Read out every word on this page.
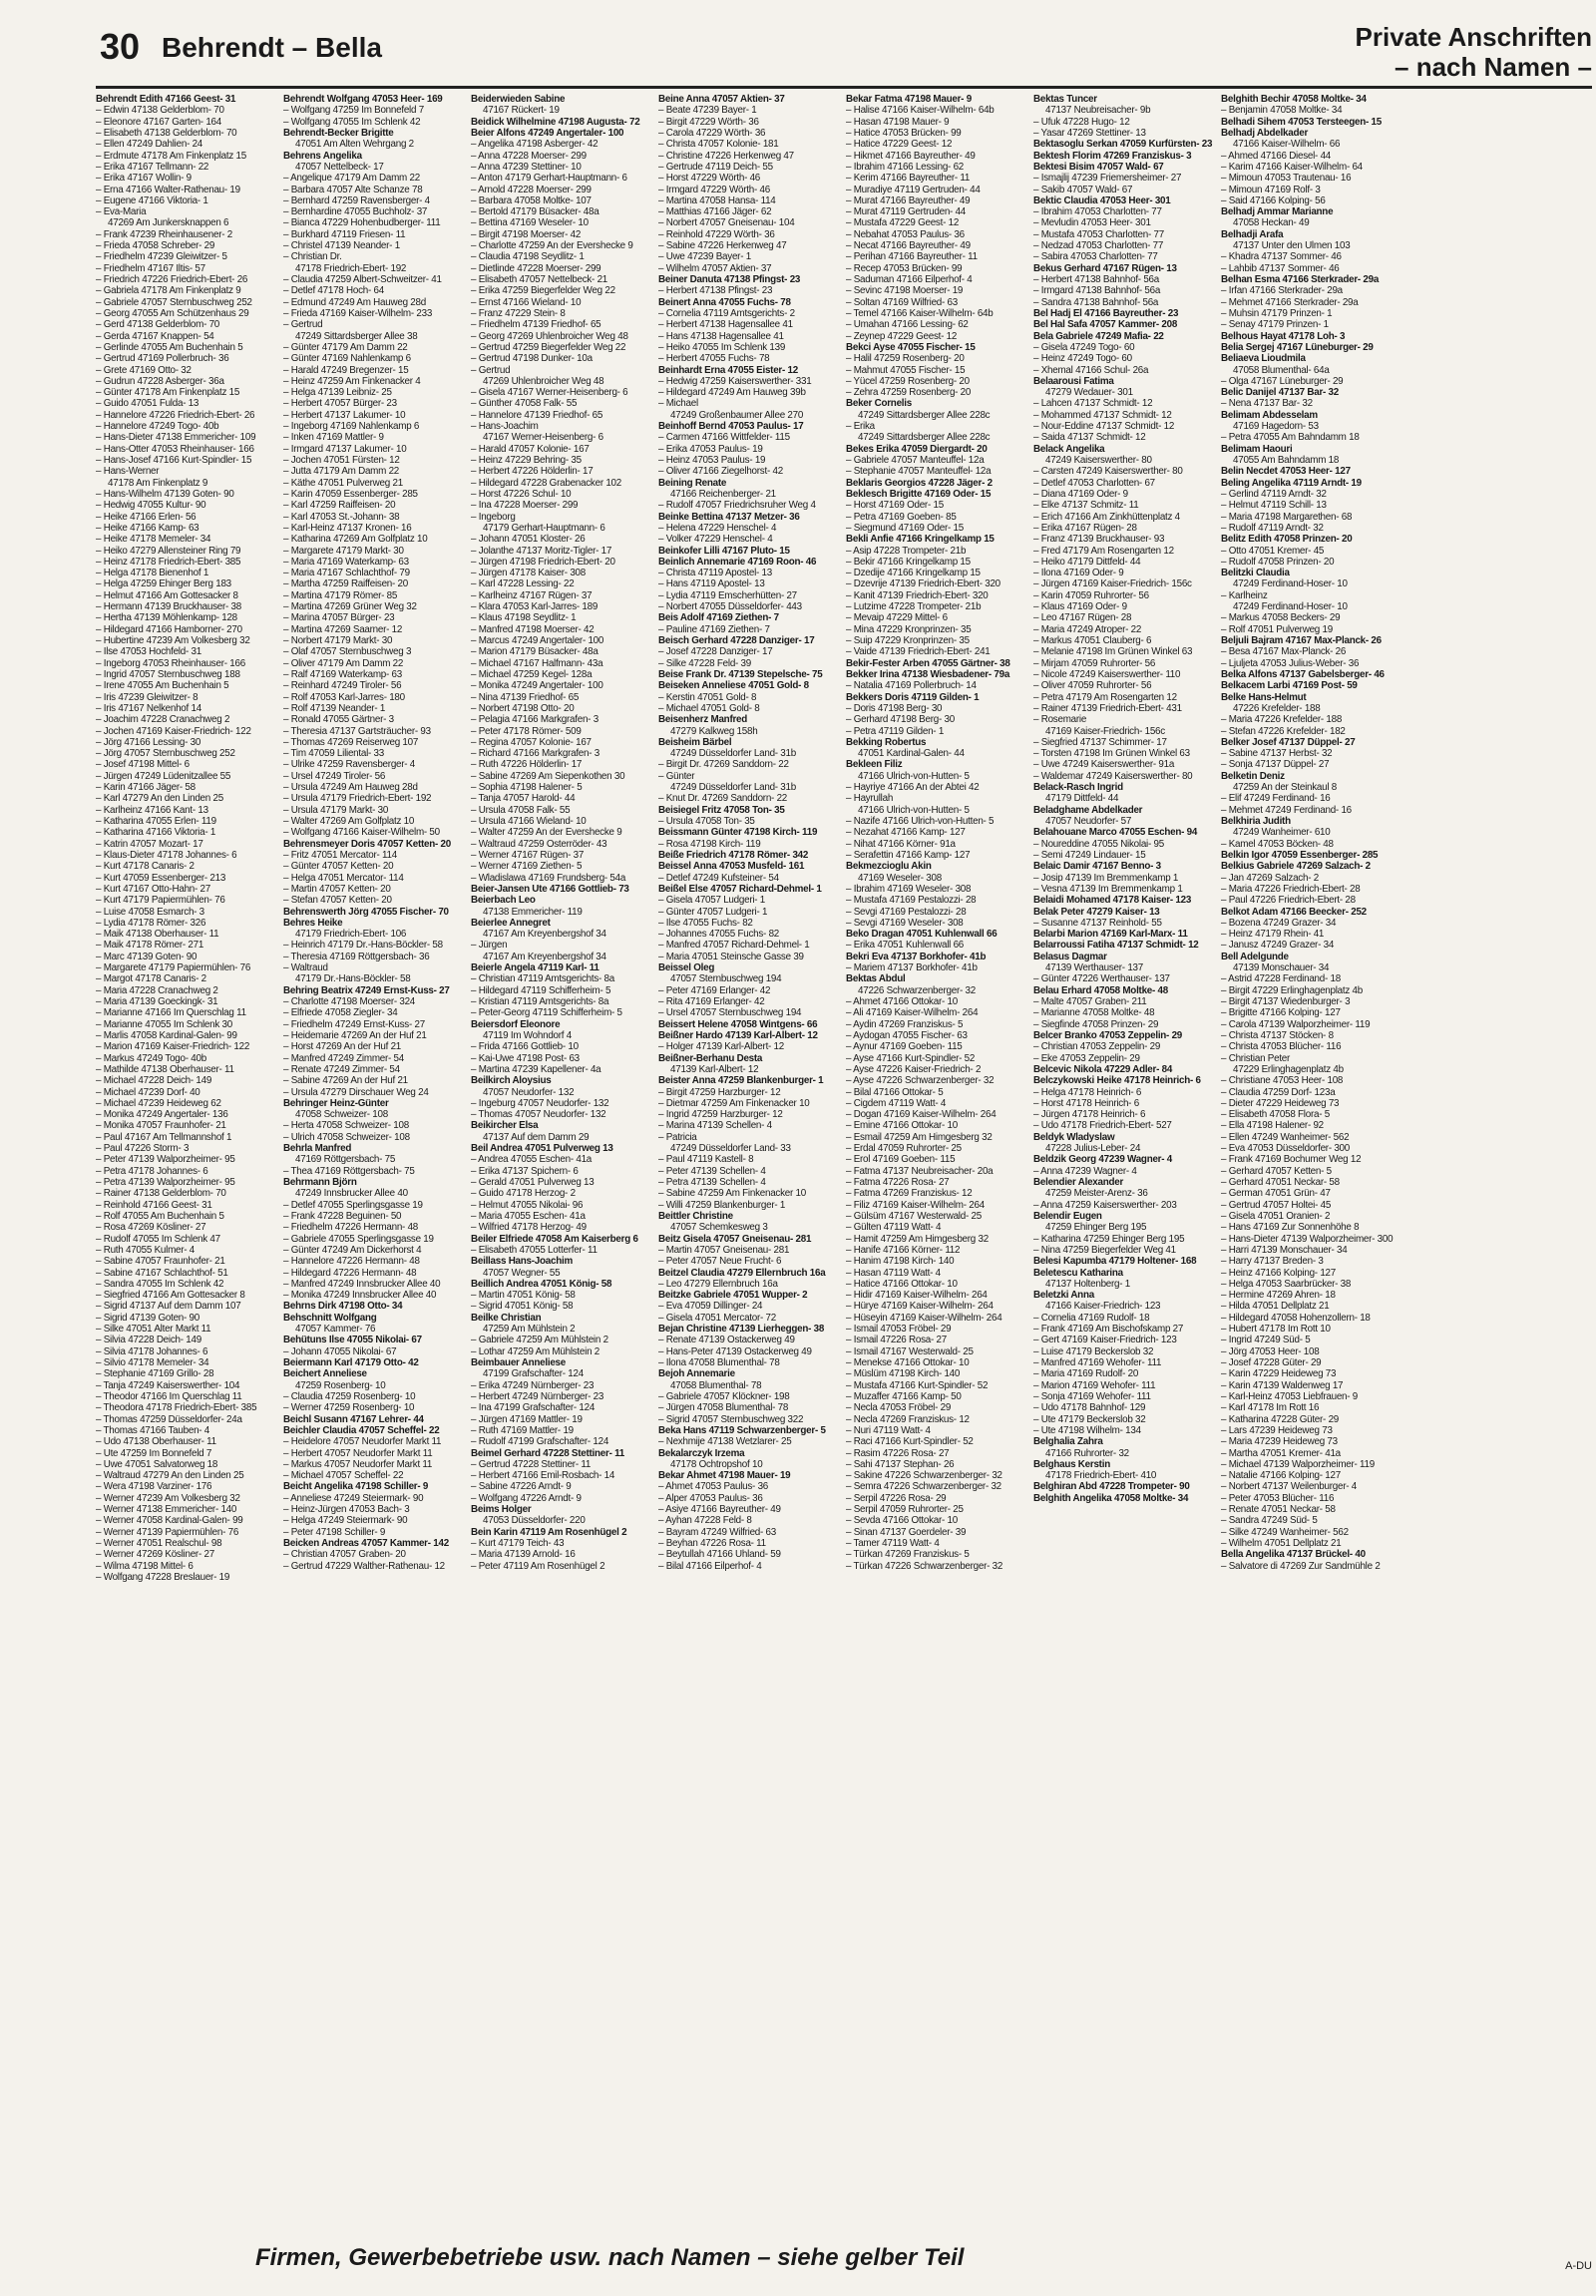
30 Behrendt – Bella	Private Anschriften
– nach Namen –
Behrendt Edith 47166 Geest- 31
– Edwin 47138 Gelderblom- 70
– Eleonore 47167 Garten- 164
– Elisabeth 47138 Gelderblom- 70
– Ellen 47249 Dahlien- 24
– Erdmute 47178 Am Finkenplatz 15
– Erika 47167 Tellmann- 22
– Erika 47167 Wollin- 9
– Erna 47166 Walter-Rathenau- 19
– Eugene 47166 Viktoria- 1
– Eva-Maria
47269 Am Junkersknappen 6
– Frank 47239 Rheinhausener- 2
– Frieda 47058 Schreber- 29
– Friedhelm 47239 Gleiwitzer- 5
– Friedhelm 47167 Iltis- 57
– Friedrich 47226 Friedrich-Ebert- 26
– Gabriela 47178 Am Finkenplatz 9
– Gabriele 47057 Sternbuschweg 252
– Georg 47055 Am Schützenhaus 29
– Gerd 47138 Gelderblom- 70
– Gerda 47167 Knappen- 54
– Gerlinde 47055 Am Buchenhain 5
– Gertrud 47169 Pollerbruch- 36
– Grete 47169 Otto- 32
– Gudrun 47228 Asberger- 36a
– Günter 47178 Am Finkenplatz 15
– Guido 47051 Fulda- 13
– Hannelore 47226 Friedrich-Ebert- 26
– Hannelore 47249 Togo- 40b
– Hans-Dieter 47138 Emmericher- 109
– Hans-Otter 47053 Rheinhauser- 166
– Hans-Josef 47166 Kurt-Spindler- 15
– Hans-Werner
47178 Am Finkenplatz 9
– Hans-Wilhelm 47139 Goten- 90
– Hedwig 47055 Kultur- 90
– Heike 47166 Erlen- 56
– Heike 47166 Kamp- 63
– Heike 47178 Memeler- 34
– Heiko 47279 Allensteiner Ring 79
– Heinz 47178 Friedrich-Ebert- 385
– Helga 47178 Bienenhof 1
– Helga 47259 Ehinger Berg 183
– Helmut 47166 Am Gottesacker 8
– Hermann 47139 Bruckhauser- 38
– Hertha 47139 Möhlenkamp- 128
– Hildegard 47166 Hamborner- 270
– Hubertine 47239 Am Volkesberg 32
– Ilse 47053 Hochfeld- 31
– Ingeborg 47053 Rheinhauser- 166
– Ingrid 47057 Sternbuschweg 188
– Irene 47055 Am Buchenhain 5
– Iris 47239 Gleiwitzer- 8
– Iris 47167 Nelkenhof 14
– Joachim 47228 Cranachweg 2
– Jochen 47169 Kaiser-Friedrich- 122
– Jörg 47166 Lessing- 30
– Jörg 47057 Sternbuschweg 252
– Josef 47198 Mittel- 6
– Jürgen 47249 Lüdenitzallee 55
– Karin 47166 Jäger- 58
– Karl 47279 An den Linden 25
– Karlheinz 47166 Kant- 13
– Katharina 47055 Erlen- 119
– Katharina 47166 Viktoria- 1
– Katrin 47057 Mozart- 17
– Klaus-Dieter 47178 Johannes- 6
– Kurt 47178 Canaris- 2
– Kurt 47059 Essenberger- 213
– Kurt 47167 Otto-Hahn- 27
– Kurt 47179 Papiermühlen- 76
– Luise 47058 Esmarch- 3
– Lydia 47178 Römer- 326
– Maik 47138 Oberhauser- 11
– Maik 47178 Römer- 271
– Marc 47139 Goten- 90
– Margarete 47179 Papiermühlen- 76
– Margot 47178 Canaris- 2
– Maria 47228 Cranachweg 2
– Maria 47139 Goeckingk- 31
– Marianne 47166 Im Querschlag 11
– Marianne 47055 Im Schlenk 30
– Marlis 47058 Kardinal-Galen- 99
– Marion 47169 Kaiser-Friedrich- 122
– Markus 47249 Togo- 40b
– Mathilde 47138 Oberhauser- 11
– Michael 47228 Deich- 149
– Michael 47239 Dorf- 40
– Michael 47239 Heideweg 62
– Monika 47249 Angertaler- 136
– Monika 47057 Fraunhofer- 21
– Paul 47167 Am Tellmannshof 1
– Paul 47226 Storm- 3
– Peter 47139 Walporzheimer- 95
– Petra 47178 Johannes- 6
– Petra 47139 Walporzheimer- 95
– Rainer 47138 Gelderblom- 70
– Reinhold 47166 Geest- 31
– Rolf 47055 Am Buchenhain 5
– Rosa 47269 Kösliner- 27
– Rudolf 47055 Im Schlenk 47
– Ruth 47055 Kulmer- 4
– Sabine 47057 Fraunhofer- 21
– Sabine 47167 Schlachthof- 51
– Sandra 47055 Im Schlenk 42
– Siegfried 47166 Am Gottesacker 8
– Sigrid 47137 Auf dem Damm 107
– Sigrid 47139 Goten- 90
– Silke 47051 Alter Markt 11
– Silvia 47228 Deich- 149
– Silvia 47178 Johannes- 6
– Silvio 47178 Memeler- 34
– Stephanie 47169 Grillo- 28
– Tanja 47249 Kaiserswerther- 104
– Theodor 47166 Im Querschlag 11
– Theodora 47178 Friedrich-Ebert- 385
– Thomas 47259 Düsseldorfer- 24a
– Thomas 47166 Tauben- 4
– Udo 47138 Oberhauser- 11
– Ute 47259 Im Bonnefeld 7
– Uwe 47051 Salvatorweg 18
– Waltraud 47279 An den Linden 25
– Wera 47198 Varziner- 176
– Werner 47239 Am Volkesberg 32
– Werner 47138 Emmericher- 140
– Werner 47058 Kardinal-Galen- 99
– Werner 47139 Papiermühlen- 76
– Werner 47051 Realschul- 98
– Werner 47269 Kösliner- 27
– Wilma 47198 Mittel- 6
– Wolfgang 47228 Breslauer- 19
Behrendt Wolfgang 47053 Heer- 169
– Wolfgang 47259 Im Bonnefeld 7
– Wolfgang 47055 Im Schlenk 42
Behrendt-Becker Brigitte
47051 Am Alten Wehrgang 2
Behrens Angelika
47057 Nettelbeck- 17
– Angelique 47179 Am Damm 22
– Barbara 47057 Alte Schanze 78
– Bernhard 47259 Ravensberger- 4
– Bernhardine 47055 Buchholz- 37
– Bianca 47229 Hohenbudberger- 111
– Burkhard 47119 Friesen- 11
– Christel 47139 Neander- 1
– Christian Dr.
47178 Friedrich-Ebert- 192
– Claudia 47259 Albert-Schweitzer- 41
– Detlef 47178 Hoch- 64
– Edmund 47249 Am Hauweg 28d
– Frieda 47169 Kaiser-Wilhelm- 233
– Gertrud
47249 Sittardsberger Allee 38
– Günter 47179 Am Damm 22
– Günter 47169 Nahlenkamp 6
– Harald 47249 Bregenzer- 15
– Heinz 47259 Am Finkenacker 4
– Helga 47139 Leibniz- 25
– Herbert 47057 Bürger- 23
– Herbert 47137 Lakumer- 10
– Ingeborg 47169 Nahlenkamp 6
– Inken 47169 Mattler- 9
– Irmgard 47137 Lakumer- 10
– Jochen 47051 Fürsten- 12
– Jutta 47179 Am Damm 22
– Käthe 47051 Pulverweg 21
– Karin 47059 Essenberger- 285
– Karl 47259 Raiffeisen- 20
– Karl 47053 St.-Johann- 38
– Karl-Heinz 47137 Kronen- 16
– Katharina 47269 Am Golfplatz 10
– Margarete 47179 Markt- 30
– Maria 47169 Waterkamp- 63
– Maria 47167 Schlachthof- 79
– Martha 47259 Raiffeisen- 20
– Martina 47179 Römer- 85
– Martina 47269 Grüner Weg 32
– Marina 47057 Bürger- 23
– Martina 47269 Saarner- 12
– Norbert 47179 Markt- 30
– Olaf 47057 Sternbuschweg 3
– Oliver 47179 Am Damm 22
– Ralf 47169 Waterkamp- 63
– Reinhard 47249 Tiroler- 56
– Rolf 47053 Karl-Jarres- 180
– Rolf 47139 Neander- 1
– Ronald 47055 Gärtner- 3
– Theresia 47137 Gartsträucher- 93
– Thomas 47269 Reiserweg 107
– Tim 47059 Liliental- 33
– Ulrike 47259 Ravensberger- 4
– Ursel 47249 Tiroler- 56
– Ursula 47249 Am Hauweg 28d
– Ursula 47179 Friedrich-Ebert- 192
– Ursula 47179 Markt- 30
– Walter 47269 Am Golfplatz 10
– Wolfgang 47166 Kaiser-Wilhelm- 50
Behrensmeyer Doris 47057 Ketten- 20
– Fritz 47051 Mercator- 114
– Günter 47057 Ketten- 20
– Helga 47051 Mercator- 114
– Martin 47057 Ketten- 20
– Stefan 47057 Ketten- 20
Behrenswerth Jörg 47055 Fischer- 70
Behres Heike
47179 Friedrich-Ebert- 106
– Heinrich 47179 Dr.-Hans-Böckler- 58
– Theresia 47169 Röttgersbach- 36
– Waltraud
47179 Dr.-Hans-Böckler- 58
Behring Beatrix 47249 Ernst-Kuss- 27
– Charlotte 47198 Moerser- 324
– Elfriede 47058 Ziegler- 34
– Friedhelm 47249 Ernst-Kuss- 27
– Heidemarie 47269 An der Huf 21
– Horst 47269 An der Huf 21
– Manfred 47249 Zimmer- 54
– Renate 47249 Zimmer- 54
– Sabine 47269 An der Huf 21
– Ursula 47279 Dirschauer Weg 24
Behringer Heinz-Günter
47058 Schweizer- 108
– Herta 47058 Schweizer- 108
– Ulrich 47058 Schweizer- 108
Behrla Manfred
47169 Röttgersbach- 75
– Thea 47169 Röttgersbach- 75
Behrmann Björn
47249 Innsbrucker Allee 40
– Detlef 47055 Sperlingsgasse 19
– Frank 47228 Beguinen- 50
– Friedhelm 47226 Hermann- 48
– Gabriele 47055 Sperlingsgasse 19
– Günter 47249 Am Dickerhorst 4
– Hannelore 47226 Hermann- 48
– Hildegard 47226 Hermann- 48
– Manfred 47249 Innsbrucker Allee 40
– Monika 47249 Innsbrucker Allee 40
Behrns Dirk 47198 Otto- 34
Behschnitt Wolfgang
47057 Kammer- 76
Behütuns Ilse 47055 Nikolai- 67
– Johann 47055 Nikolai- 67
Beiermann Karl 47179 Otto- 42
Beichert Anneliese
47259 Rosenberg- 10
– Claudia 47259 Rosenberg- 10
– Werner 47259 Rosenberg- 10
Beichl Susann 47167 Lehrer- 44
Beichler Claudia 47057 Scheffel- 22
– Heidelore 47057 Neudorfer Markt 11
– Herbert 47057 Neudorfer Markt 11
– Markus 47057 Neudorfer Markt 11
– Michael 47057 Scheffel- 22
Beicht Angelika 47198 Schiller- 9
– Anneliese 47249 Steiermark- 90
– Heinz-Jürgen 47053 Bach- 3
– Helga 47249 Steiermark- 90
– Peter 47198 Schiller- 9
Beicken Andreas 47057 Kammer- 142
– Christian 47057 Graben- 20
– Gertrud 47229 Walther-Rathenau- 12
Beiderwieden Sabine
47167 Rückert- 19
Beidick Wilhelmine 47198 Augusta- 72
Beier Alfons 47249 Angertaler- 100
– Angelika 47198 Asberger- 42
– Anna 47228 Moerser- 299
– Anna 47239 Stettiner- 10
– Anton 47179 Gerhart-Hauptmann- 6
– Arnold 47228 Moerser- 299
– Barbara 47058 Moltke- 107
– Bertold 47179 Büsacker- 48a
– Bettina 47169 Weseler- 10
– Birgit 47198 Moerser- 42
– Charlotte 47259 An der Eversheckе 9
– Claudia 47198 Seydlitz- 1
– Dietlinde 47228 Moerser- 299
– Elisabeth 47057 Nettelbeck- 21
– Erika 47259 Biegerfelder Weg 22
– Ernst 47166 Wieland- 10
– Franz 47229 Stein- 8
– Friedhelm 47139 Friedhof- 65
– Georg 47269 Uhlenbroicher Weg 48
– Gertrud 47259 Biegerfelder Weg 22
– Gertrud 47198 Dunker- 10a
– Gertrud
47269 Uhlenbroicher Weg 48
– Gisela 47167 Werner-Heisenberg- 6
– Günther 47058 Falk- 55
– Hannelore 47139 Friedhof- 65
– Hans-Joachim
47167 Werner-Heisenberg- 6
– Harald 47057 Kolonie- 167
– Heinz 47229 Behring- 35
– Herbert 47226 Hölderlin- 17
– Hildegard 47228 Grabenacker 102
– Horst 47226 Schul- 10
– Ina 47228 Moerser- 299
– Ingeborg
47179 Gerhart-Hauptmann- 6
– Johann 47051 Kloster- 26
– Jolanthe 47137 Moritz-Tigler- 17
– Jürgen 47198 Friedrich-Ebert- 20
– Jürgen 47178 Kaiser- 308
– Karl 47228 Lessing- 22
– Karlheinz 47167 Rügen- 37
– Klara 47053 Karl-Jarres- 189
– Klaus 47198 Seydlitz- 1
– Manfred 47198 Moerser- 42
– Marcus 47249 Angertaler- 100
– Marion 47179 Büsacker- 48a
– Michael 47167 Halfmann- 43a
– Michael 47259 Kegel- 128a
– Monika 47249 Angertaler- 100
– Nina 47139 Friedhof- 65
– Norbert 47198 Otto- 20
– Pelagia 47166 Markgrafen- 3
– Peter 47178 Römer- 509
– Regina 47057 Kolonie- 167
– Richard 47166 Markgrafen- 3
– Ruth 47226 Hölderlin- 17
– Sabine 47269 Am Siepenkothen 30
– Sophia 47198 Halener- 5
– Tanja 47057 Harold- 44
– Ursula 47058 Falk- 55
– Ursula 47166 Wieland- 10
– Walter 47259 An der Evershecke 9
– Waltraud 47259 Osterröder- 43
– Werner 47167 Rügen- 37
– Werner 47169 Ziethen- 5
– Wladislawa 47169 Frundsberg- 54a
Beier-Jansen Ute 47166 Gottlieb- 73
Beierbach Leo
47138 Emmericher- 119
Beierlee Annegret
47167 Am Kreyenbergshof 34
– Jürgen
47167 Am Kreyenbergshof 34
Beierle Angela 47119 Karl- 11
– Christian 47119 Amtsgerichts- 8a
– Hildegard 47119 Schifferheim- 5
– Kristian 47119 Amtsgerichts- 8a
– Peter-Georg 47119 Schifferheim- 5
Beiersdorf Eleonore
47119 Im Wohndorf 4
– Frida 47166 Gottlieb- 10
– Kai-Uwe 47198 Post- 63
– Martina 47239 Kapellener- 4a
Beilkirch Aloysius
47057 Neudorfer- 132
– Ingeburg 47057 Neudorfer- 132
– Thomas 47057 Neudorfer- 132
Beikircher Elsa
47137 Auf dem Damm 29
Beil Andrea 47051 Pulverweg 13
– Andrea 47055 Eschen- 41a
– Erika 47137 Spichern- 6
– Gerald 47051 Pulverweg 13
– Guido 47178 Herzog- 2
– Helmut 47055 Nikolai- 96
– Maria 47055 Eschen- 41a
– Wilfried 47178 Herzog- 49
Beiler Elfriede 47058 Am Kaiserberg 6
– Elisabeth 47055 Lotterfer- 11
Beillass Hans-Joachim
47057 Wegner- 55
Beillich Andrea 47051 König- 58
– Martin 47051 König- 58
– Sigrid 47051 König- 58
Beilke Christian
47259 Am Mühlstein 2
– Gabriele 47259 Am Mühlstein 2
– Lothar 47259 Am Mühlstein 2
Beimbauer Anneliese
47199 Grafschafter- 124
– Erika 47249 Nürnberger- 23
– Herbert 47249 Nürnberger- 23
– Ina 47199 Grafschafter- 124
– Jürgen 47169 Mattler- 19
– Ruth 47169 Mattler- 19
– Rudolf 47199 Grafschafter- 124
Beimel Gerhard 47228 Stettiner- 11
– Gertrud 47228 Stettiner- 11
– Herbert 47166 Emil-Rosbach- 14
– Sabine 47226 Arndt- 9
– Wolfgang 47226 Arndt- 9
Beims Holger
47053 Düsseldorfer- 220
Bein Karin 47119 Am Rosenhügel 2
– Kurt 47179 Teich- 43
– Maria 47139 Arnold- 16
– Peter 47119 Am Rosenhügel 2
Beine Anna 47057 Aktien- 37
– Beate 47239 Bayer- 1
– Birgit 47229 Wörth- 36
– Carola 47229 Wörth- 36
– Christa 47057 Kolonie- 181
– Christine 47226 Herkenweg 47
– Gertrude 47119 Deich- 55
– Horst 47229 Wörth- 46
– Irmgard 47229 Wörth- 46
– Martina 47058 Hansa- 114
– Matthias 47166 Jäger- 62
– Norbert 47057 Gneisenau- 104
– Reinhold 47229 Wörth- 36
– Sabine 47226 Herkenweg 47
– Uwe 47239 Bayer- 1
– Wilhelm 47057 Aktien- 37
Beiner Danuta 47138 Pfingst- 23
– Herbert 47138 Pfingst- 23
Beinert Anna 47055 Fuchs- 78
– Cornelia 47119 Amtsgerichts- 2
– Herbert 47138 Hagensallee 41
– Hans 47138 Hagensallee 41
– Heiko 47055 Im Schlenk 139
– Herbert 47055 Fuchs- 78
Beinhardt Erna 47055 Eister- 12
– Hedwig 47259 Kaiserswerther- 331
– Hildegard 47249 Am Hauweg 39b
– Michael
47249 Großenbaumer Allee 270
Beinhoff Bernd 47053 Paulus- 17
– Carmen 47166 Wittfelder- 115
– Erika 47053 Paulus- 19
– Heinz 47053 Paulus- 19
– Oliver 47166 Ziegelhorst- 42
Beining Renate
47166 Reichenberger- 21
– Rudolf 47057 Friedrichsruher Weg 4
Beinke Bettina 47137 Metzer- 36
– Helena 47229 Henschel- 4
– Volker 47229 Henschel- 4
Beinkofer Lilli 47167 Pluto- 15
Beinlich Annemarie 47169 Roon- 46
– Christa 47119 Apostel- 13
– Hans 47119 Apostel- 13
– Lydia 47119 Emscherhütten- 27
– Norbert 47055 Düsseldorfer- 443
Beis Adolf 47169 Ziethen- 7
– Pauline 47169 Ziethen- 7
Beisch Gerhard 47228 Danziger- 17
– Josef 47228 Danziger- 17
– Silke 47228 Feld- 39
Beise Frank Dr. 47139 Stepelsche- 75
Beiseken Anneliese 47051 Gold- 8
– Kerstin 47051 Gold- 8
– Michael 47051 Gold- 8
Beisenherz Manfred
47279 Kalkweg 158h
Beisheim Bärbel
47249 Düsseldorfer Land- 31b
– Birgit Dr. 47269 Sanddorn- 22
– Günter
47249 Düsseldorfer Land- 31b
– Knut Dr. 47269 Sanddorn- 22
Beisiegel Fritz 47058 Ton- 35
– Ursula 47058 Ton- 35
Beissmann Günter 47198 Kirch- 119
– Rosa 47198 Kirch- 119
Beiße Friedrich 47178 Römer- 342
Beissel Anna 47053 Musfeld- 161
– Detlef 47249 Kufsteiner- 54
Beißel Else 47057 Richard-Dehmel- 1
– Gisela 47057 Ludgeri- 1
– Günter 47057 Ludgeri- 1
– Ilse 47055 Fuchs- 82
– Johannes 47055 Fuchs- 82
– Manfred 47057 Richard-Dehmel- 1
– Maria 47051 Steinsche Gasse 39
Beissel Oleg
47057 Sternbuschweg 194
– Peter 47169 Erlanger- 42
– Rita 47169 Erlanger- 42
– Ursel 47057 Sternbuschweg 194
Beissert Helene 47058 Wintgens- 66
Beißner Hardo 47139 Karl-Albert- 12
– Holger 47139 Karl-Albert- 12
Beißner-Berhanu Desta
47139 Karl-Albert- 12
Beister Anna 47259 Blankenburger- 1
– Birgit 47259 Harzburger- 12
– Dietmar 47259 Am Finkenacker 10
– Ingrid 47259 Harzburger- 12
– Marina 47139 Schellen- 4
– Patricia
47249 Düsseldorfer Land- 33
– Paul 47119 Kastell- 8
– Peter 47139 Schellen- 4
– Petra 47139 Schellen- 4
– Sabine 47259 Am Finkenacker 10
– Willi 47259 Blankenburger- 1
Beittler Christine
47057 Schemkesweg 3
Beitz Gisela 47057 Gneisenau- 281
– Martin 47057 Gneisenau- 281
– Peter 47057 Neue Frucht- 6
Beitzel Claudia 47279 Ellernbruch 16a
– Leo 47279 Ellernbruch 16a
Beitzke Gabriele 47051 Wupper- 2
– Eva 47059 Dillinger- 24
– Gisela 47051 Mercator- 72
Bejan Christine 47139 Lierheggen- 38
– Renate 47139 Ostackerweg 49
– Hans-Peter 47139 Ostackerweg 49
– Ilona 47058 Blumenthal- 78
Bejoh Annemarie
47058 Blumenthal- 78
– Gabriele 47057 Klöckner- 198
– Jürgen 47058 Blumenthal- 78
– Sigrid 47057 Sternbuschweg 322
Beka Hans 47119 Schwarzenberger- 5
– Nexhmije 47138 Wetzlarer- 25
Bekalarczyk Irzema
47178 Ochtropshof 10
Bekar Ahmet 47198 Mauer- 19
– Ahmet 47053 Paulus- 36
– Alper 47053 Paulus- 36
– Asiye 47166 Bayreuther- 49
– Ayhan 47228 Feld- 8
– Bayram 47249 Wilfried- 63
– Beyhan 47226 Rosa- 11
– Beytullah 47166 Uhland- 59
– Bilal 47166 Eilperhof- 4
Bekar Fatma 47198 Mauer- 9
– Halise 47166 Kaiser-Wilhelm- 64b
– Hasan 47198 Mauer- 9
– Hatice 47053 Brücken- 99
– Hatice 47229 Geest- 12
– Hikmet 47166 Bayreuther- 49
– Ibrahim 47166 Lessing- 62
– Kerim 47166 Bayreuther- 11
– Muradiye 47119 Gertruden- 44
– Murat 47166 Bayreuther- 49
– Murat 47119 Gertruden- 44
– Mustafa 47229 Geest- 12
– Nebahat 47053 Paulus- 36
– Necat 47166 Bayreuther- 49
– Perihan 47166 Bayreuther- 11
– Recep 47053 Brücken- 99
– Saduman 47166 Eilperhof- 4
– Sevinc 47198 Moerser- 19
– Soltan 47169 Wilfried- 63
– Temel 47166 Kaiser-Wilhelm- 64b
– Umahan 47166 Lessing- 62
– Zeynep 47229 Geest- 12
Bekci Ayse 47055 Fischer- 15
– Halil 47259 Rosenberg- 20
– Mahmut 47055 Fischer- 15
– Yücel 47259 Rosenberg- 20
– Zehra 47259 Rosenberg- 20
Beker Cornelis
47249 Sittardsberger Allee 228c
– Erika
47249 Sittardsberger Allee 228c
Bekes Erika 47059 Diergardt- 20
– Gabriele 47057 Manteuffel- 12a
– Stephanie 47057 Manteuffel- 12a
Beklaris Georgios 47228 Jäger- 2
Beklesch Brigitte 47169 Oder- 15
– Horst 47169 Oder- 15
– Petra 47169 Goeben- 85
– Siegmund 47169 Oder- 15
Bekli Anfie 47166 Kringelkamp 15
– Asip 47228 Trompeter- 21b
– Bekir 47166 Kringelkamp 15
– Dzedije 47166 Kringelkamp 15
– Dzevrije 47139 Friedrich-Ebert- 320
– Kanit 47139 Friedrich-Ebert- 320
– Lutzime 47228 Trompeter- 21b
– Mevaip 47229 Mittel- 6
– Mina 47229 Kronprinzen- 35
– Suip 47229 Kronprinzen- 35
– Vaide 47139 Friedrich-Ebert- 241
Bekir-Fester Arben 47055 Gärtner- 38
Bekker Irina 47138 Wiesbadener- 79a
– Natalia 47169 Pollerbruch- 14
Bekkers Doris 47119 Gilden- 1
– Doris 47198 Berg- 30
– Gerhard 47198 Berg- 30
– Petra 47119 Gilden- 1
Bekking Robertus
47051 Kardinal-Galen- 44
Bekleen Filiz
47166 Ulrich-von-Hutten- 5
– Hayriye 47166 An der Abtei 42
– Hayrullah
47166 Ulrich-von-Hutten- 5
– Nazife 47166 Ulrich-von-Hutten- 5
– Nezahat 47166 Kamp- 127
– Nihat 47166 Körner- 91a
– Serafettin 47166 Kamp- 127
Bekmezcioglu Akin
47169 Weseler- 308
– Ibrahim 47169 Weseler- 308
– Mustafa 47169 Pestalozzi- 28
– Sevgi 47169 Pestalozzi- 28
– Sevgi 47169 Weseler- 308
Beko Dragan 47051 Kuhlenwall 66
– Erika 47051 Kuhlenwall 66
Bekri Eva 47137 Borkhofer- 41b
– Mariem 47137 Borkhofer- 41b
Bektas Abdul
47226 Schwarzenberger- 32
– Ahmet 47166 Ottokar- 10
– Ali 47169 Kaiser-Wilhelm- 264
– Aydin 47269 Franziskus- 5
– Aydogan 47055 Fischer- 63
– Aynur 47169 Goeben- 115
– Ayse 47166 Kurt-Spindler- 52
– Ayse 47226 Kaiser-Friedrich- 2
– Ayse 47226 Schwarzenberger- 32
– Bilal 47166 Ottokar- 5
– Cigdem 47119 Watt- 4
– Dogan 47169 Kaiser-Wilhelm- 264
– Emine 47166 Ottokar- 10
– Esmail 47259 Am Himgesberg 32
– Erdal 47059 Ruhrorter- 25
– Erol 47169 Goeben- 115
– Fatma 47137 Neubreisacher- 20a
– Fatma 47226 Rosa- 27
– Fatma 47269 Franziskus- 12
– Filiz 47169 Kaiser-Wilhelm- 264
– Gülsüm 47167 Westerwald- 25
– Gülten 47119 Watt- 4
– Hamit 47259 Am Himgesberg 32
– Hanife 47166 Körner- 112
– Hanim 47198 Kirch- 140
– Hasan 47119 Watt- 4
– Hatice 47166 Ottokar- 10
– Hidir 47169 Kaiser-Wilhelm- 264
– Hürye 47169 Kaiser-Wilhelm- 264
– Hüseyin 47169 Kaiser-Wilhelm- 264
– Ismail 47053 Fröbel- 29
– Ismail 47226 Rosa- 27
– Ismail 47167 Westerwald- 25
– Menekse 47166 Ottokar- 10
– Müslüm 47198 Kirch- 140
– Mustafa 47166 Kurt-Spindler- 52
– Muzaffer 47166 Kamp- 50
– Necla 47053 Fröbel- 29
– Necla 47269 Franziskus- 12
– Nuri 47119 Watt- 4
– Raci 47166 Kurt-Spindler- 52
– Rasim 47226 Rosa- 27
– Sahi 47137 Stephan- 26
– Sakine 47226 Schwarzenberger- 32
– Semra 47226 Schwarzenberger- 32
– Serpil 47226 Rosa- 29
– Serpil 47059 Ruhrorter- 25
– Sevda 47166 Ottokar- 10
– Sinan 47137 Goerdeler- 39
– Tamer 47119 Watt- 4
– Türkan 47269 Franziskus- 5
– Türkan 47226 Schwarzenberger- 32
Bektas Tuncer
47137 Neubreisacher- 9b
– Ufuk 47228 Hugo- 12
– Yasar 47269 Stettiner- 13
Bektasoglu Serkan 47059 Kurfürsten- 23
Bektesh Florim 47269 Franziskus- 3
Bektesi Bisim 47057 Wald- 67
– Ismajlij 47239 Friemersheimer- 27
– Sakib 47057 Wald- 67
Bektic Claudia 47053 Heer- 301
– Ibrahim 47053 Charlotten- 77
– Mevludin 47053 Heer- 301
– Mustafa 47053 Charlotten- 77
– Nedzad 47053 Charlotten- 77
– Sabira 47053 Charlotten- 77
Bekus Gerhard 47167 Rügen- 13
– Herbert 47138 Bahnhof- 56a
– Irmgard 47138 Bahnhof- 56a
– Sandra 47138 Bahnhof- 56a
Bel Hadj El 47166 Bayreuther- 23
Bel Hal Safa 47057 Kammer- 208
Bela Gabriele 47249 Mafia- 22
– Gisela 47249 Togo- 60
– Heinz 47249 Togo- 60
– Xhemal 47166 Schul- 26a
Belaarousi Fatima
47279 Wedauer- 301
– Lahcen 47137 Schmidt- 12
– Mohammed 47137 Schmidt- 12
– Nour-Eddine 47137 Schmidt- 12
– Saida 47137 Schmidt- 12
Belack Angelika
47249 Kaiserswerther- 80
– Carsten 47249 Kaiserswerther- 80
– Detlef 47053 Charlotten- 67
– Diana 47169 Oder- 9
– Elke 47137 Schmitz- 11
– Erich 47166 Am Zinkhüttenplatz 4
– Erika 47167 Rügen- 28
– Franz 47139 Bruckhauser- 93
– Fred 47179 Am Rosengarten 12
– Heiko 47179 Dittfeld- 44
– Ilona 47169 Oder- 9
– Jürgen 47169 Kaiser-Friedrich- 156c
– Karin 47059 Ruhrorter- 56
– Klaus 47169 Oder- 9
– Leo 47167 Rügen- 28
– Maria 47249 Atroper- 22
– Markus 47051 Clauberg- 6
– Melanie 47198 Im Grünen Winkel 63
– Mirjam 47059 Ruhrorter- 56
– Nicole 47249 Kaiserswerther- 110
– Oliver 47059 Ruhrorter- 56
– Petra 47179 Am Rosengarten 12
– Rainer 47139 Friedrich-Ebert- 431
– Rosemarie
47169 Kaiser-Friedrich- 156c
– Siegfried 47137 Schimmer- 17
– Torsten 47198 Im Grünen Winkel 63
– Uwe 47249 Kaiserswerther- 91a
– Waldemar 47249 Kaiserswerther- 80
Belack-Rasch Ingrid
47179 Dittfeld- 44
Beladghame Abdelkader
47057 Neudorfer- 57
Belahouane Marco 47055 Eschen- 94
– Noureddine 47055 Nikolai- 95
– Semi 47249 Lindauer- 15
Belaic Damir 47167 Benno- 3
– Josip 47139 Im Bremmenkamp 1
– Vesna 47139 Im Bremmenkamp 1
Belaidi Mohamed 47178 Kaiser- 123
Belak Peter 47279 Kaiser- 13
– Susanne 47137 Reinhold- 55
Belarbi Marion 47169 Karl-Marx- 11
Belarroussi Fatiha 47137 Schmidt- 12
Belasus Dagmar
47139 Werthauser- 137
– Günter 47226 Werthauser- 137
Belau Erhard 47058 Moltke- 48
– Malte 47057 Graben- 211
– Marianne 47058 Moltke- 48
– Siegfinde 47058 Prinzen- 29
Belcer Branko 47053 Zeppelin- 29
– Christian 47053 Zeppelin- 29
– Eke 47053 Zeppelin- 29
Belcevic Nikola 47229 Adler- 84
Belczykowski Heike 47178 Heinrich- 6
– Helga 47178 Heinrich- 6
– Horst 47178 Heinrich- 6
– Jürgen 47178 Heinrich- 6
– Udo 47178 Friedrich-Ebert- 527
Beldyk Wladyslaw
47228 Julius-Leber- 24
Beldzik Georg 47239 Wagner- 4
– Anna 47239 Wagner- 4
Belendier Alexander
47259 Meister-Arenz- 36
– Anna 47259 Kaiserswerther- 203
Belendir Eugen
47259 Ehinger Berg 195
– Katharina 47259 Ehinger Berg 195
– Nina 47259 Biegerfelder Weg 41
Belesi Kapumba 47179 Holtener- 168
Beletescu Katharina
47137 Holtenberg- 1
Beletzki Anna
47166 Kaiser-Friedrich- 123
– Cornelia 47169 Rudolf- 18
– Frank 47169 Am Bischofskamp 27
– Gert 47169 Kaiser-Friedrich- 123
– Luise 47179 Beckerslob 32
– Manfred 47169 Wehofer- 111
– Maria 47169 Rudolf- 20
– Marion 47169 Wehofer- 111
– Sonja 47169 Wehofer- 111
– Udo 47178 Bahnhof- 129
– Ute 47179 Beckerslob 32
– Ute 47198 Wilhelm- 134
Belghalia Zahra
47166 Ruhrorter- 32
Belghaus Kerstin
47178 Friedrich-Ebert- 410
Belghiran Abd 47228 Trompeter- 90
Belghith Angelika 47058 Moltke- 34
Belghith Bechir 47058 Moltke- 34
– Benjamin 47058 Moltke- 34
Belhadi Sihem 47053 Tersteegen- 15
Belhadj Abdelkader
47166 Kaiser-Wilhelm- 66
– Ahmed 47166 Diesel- 44
– Karim 47166 Kaiser-Wilhelm- 64
– Mimoun 47053 Trautenau- 16
– Mimoun 47169 Rolf- 3
– Said 47166 Kolping- 56
Belhadj Ammar Marianne
47058 Heckan- 49
Belhadji Arafa
47137 Unter den Ulmen 103
– Khadra 47137 Sommer- 46
– Lahbib 47137 Sommer- 46
Belhan Esma 47166 Sterkrader- 29a
– Irfan 47166 Sterkrader- 29a
– Mehmet 47166 Sterkrader- 29a
– Muhsin 47179 Prinzen- 1
– Senay 47179 Prinzen- 1
Belhous Hayat 47178 Loh- 3
Belia Sergej 47167 Lüneburger- 29
Beliaeva Lioudmila
47058 Blumenthal- 64a
– Olga 47167 Lüneburger- 29
Belic Danijel 47137 Bar- 32
– Nena 47137 Bar- 32
Belimam Abdesselam
47169 Hagedorn- 53
– Petra 47055 Am Bahndamm 18
Belimam Haouri
47055 Am Bahndamm 18
Belin Necdet 47053 Heer- 127
Beling Angelika 47119 Arndt- 19
– Gerlind 47119 Arndt- 32
– Helmut 47119 Schill- 13
– Maria 47198 Margarethen- 68
– Rudolf 47119 Arndt- 32
Belitz Edith 47058 Prinzen- 20
– Otto 47051 Kremer- 45
– Rudolf 47058 Prinzen- 20
Belitzki Claudia
47249 Ferdinand-Hoser- 10
– Karlheinz
47249 Ferdinand-Hoser- 10
– Markus 47058 Beckers- 29
– Rolf 47051 Pulverweg 19
Beljuli Bajram 47167 Max-Planck- 26
– Besa 47167 Max-Planck- 26
– Ljuljeta 47053 Julius-Weber- 36
Belka Alfons 47137 Gabelsberger- 46
Belkacem Larbi 47169 Post- 59
Belke Hans-Helmut
47226 Krefelder- 188
– Maria 47226 Krefelder- 188
– Stefan 47226 Krefelder- 182
Belker Josef 47137 Düppel- 27
– Sabine 47137 Herbst- 32
– Sonja 47137 Düppel- 27
Belketin Deniz
47259 An der Steinkaul 8
– Elif 47249 Ferdinand- 16
– Mehmet 47249 Ferdinand- 16
Belkhiria Judith
47249 Wanheimer- 610
– Kamel 47053 Böcken- 48
Belkin Igor 47059 Essenberger- 285
Belkius Gabriele 47269 Salzach- 2
– Jan 47269 Salzach- 2
– Maria 47226 Friedrich-Ebert- 28
– Paul 47226 Friedrich-Ebert- 28
Belkot Adam 47166 Beecker- 252
– Bozena 47249 Grazer- 34
– Heinz 47179 Rhein- 41
– Janusz 47249 Grazer- 34
Bell Adelgunde
47139 Monschauer- 34
– Astrid 47228 Ferdinand- 18
– Birgit 47229 Erlinghagenplatz 4b
– Birgit 47137 Wiedenburger- 3
– Brigitte 47166 Kolping- 127
– Carola 47139 Walporzheimer- 119
– Christa 47137 Stöcken- 8
– Christa 47053 Blücher- 116
– Christian Peter
47229 Erlinghagenplatz 4b
– Christiane 47053 Heer- 108
– Claudia 47259 Dorf- 123a
– Dieter 47229 Heideweg 73
– Elisabeth 47058 Flora- 5
– Ella 47198 Halener- 92
– Ellen 47249 Wanheimer- 562
– Eva 47053 Düsseldorfer- 300
– Frank 47169 Bochumer Weg 12
– Gerhard 47057 Ketten- 5
– Gerhard 47051 Neckar- 58
– German 47051 Grün- 47
– Gertrud 47057 Holtei- 45
– Gisela 47051 Oranien- 2
– Hans 47169 Zur Sonnenhöhe 8
– Hans-Dieter 47139 Walporzheimer- 300
– Harri 47139 Monschauer- 34
– Harry 47137 Breden- 3
– Heinz 47166 Kolping- 127
– Helga 47053 Saarbrücker- 38
– Hermine 47269 Ahren- 18
– Hilda 47051 Dellplatz 21
– Hildegard 47058 Hohenzollern- 18
– Hubert 47178 Im Rott 10
– Ingrid 47249 Süd- 5
– Jörg 47053 Heer- 108
– Josef 47228 Güter- 29
– Karin 47229 Heideweg 73
– Karin 47139 Waldenweg 17
– Karl-Heinz 47053 Liebfrauen- 9
– Karl 47178 Im Rott 16
– Katharina 47228 Güter- 29
– Lars 47239 Heideweg 73
– Maria 47239 Heideweg 73
– Martha 47051 Kremer- 41a
– Michael 47139 Walporzheimer- 119
– Natalie 47166 Kolping- 127
– Norbert 47137 Weilenburger- 4
– Peter 47053 Blücher- 116
– Renate 47051 Neckar- 58
– Sandra 47249 Süd- 5
– Silke 47249 Wanheimer- 562
– Wilhelm 47051 Dellplatz 21
Bella Angelika 47137 Brückel- 40
– Salvatore di 47269 Zur Sandmühle 2
Firmen, Gewerbebetriebe usw. nach Namen – siehe gelber Teil	A-DU
